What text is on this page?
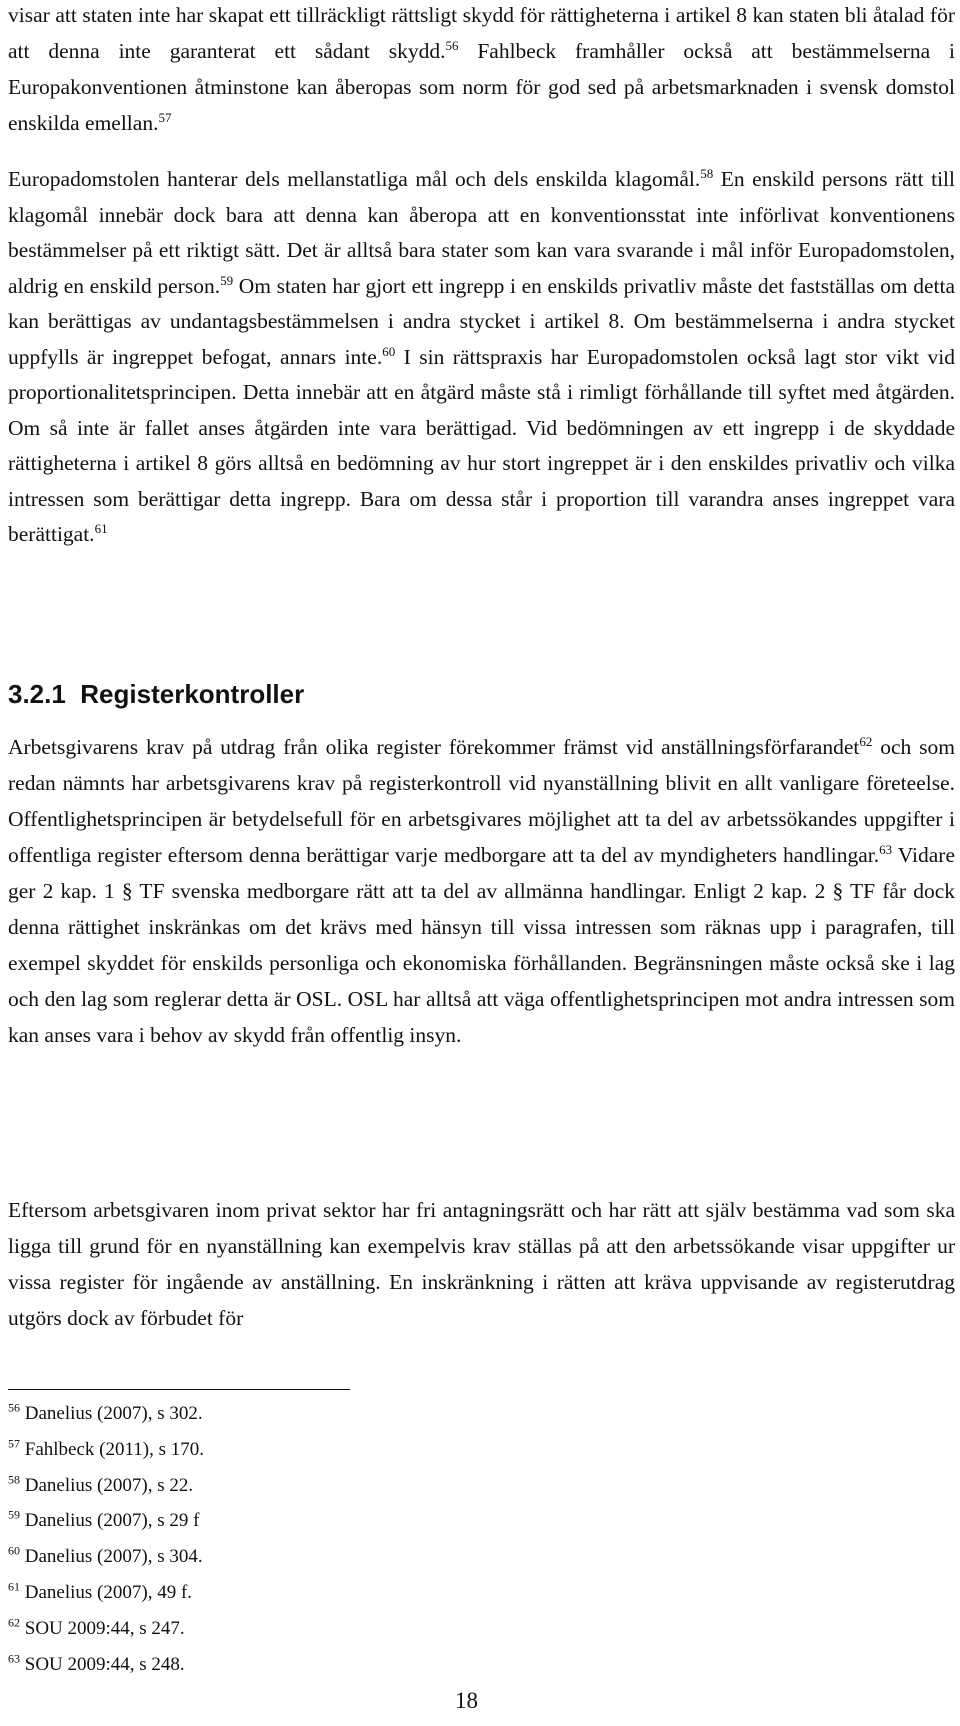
visar att staten inte har skapat ett tillräckligt rättsligt skydd för rättigheterna i artikel 8 kan staten bli åtalad för att denna inte garanterat ett sådant skydd.$^{56}$ Fahlbeck framhåller också att bestämmelserna i Europakonventionen åtminstone kan åberopas som norm för god sed på arbetsmarknaden i svensk domstol enskilda emellan.$^{57}$

Europadomstolen hanterar dels mellanstatliga mål och dels enskilda klagomål.$^{58}$ En enskild persons rätt till klagomål innebär dock bara att denna kan åberopa att en konventionsstat inte införlivat konventionens bestämmelser på ett riktigt sätt. Det är alltså bara stater som kan vara svarande i mål inför Europadomstolen, aldrig en enskild person.$^{59}$ Om staten har gjort ett ingrepp i en enskilds privatliv måste det fastställas om detta kan berättigas av undantagsbestämmelsen i andra stycket i artikel 8. Om bestämmelserna i andra stycket uppfylls är ingreppet befogat, annars inte.$^{60}$ I sin rättspraxis har Europadomstolen också lagt stor vikt vid proportionalitetsprincipen. Detta innebär att en åtgärd måste stå i rimligt förhållande till syftet med åtgärden. Om så inte är fallet anses åtgärden inte vara berättigad. Vid bedömningen av ett ingrepp i de skyddade rättigheterna i artikel 8 görs alltså en bedömning av hur stort ingreppet är i den enskildes privatliv och vilka intressen som berättigar detta ingrepp. Bara om dessa står i proportion till varandra anses ingreppet vara berättigat.$^{61}$

3.2.1  Registerkontroller

Arbetsgivarens krav på utdrag från olika register förekommer främst vid anställningsförfarandet$^{62}$ och som redan nämnts har arbetsgivarens krav på registerkontroll vid nyanställning blivit en allt vanligare företeelse. Offentlighetsprincipen är betydelsefull för en arbetsgivares möjlighet att ta del av arbetssökandes uppgifter i offentliga register eftersom denna berättigar varje medborgare att ta del av myndigheters handlingar.$^{63}$ Vidare ger 2 kap. 1 § TF svenska medborgare rätt att ta del av allmänna handlingar. Enligt 2 kap. 2 § TF får dock denna rättighet inskränkas om det krävs med hänsyn till vissa intressen som räknas upp i paragrafen, till exempel skyddet för enskilds personliga och ekonomiska förhållanden. Begränsningen måste också ske i lag och den lag som reglerar detta är OSL. OSL har alltså att väga offentlighetsprincipen mot andra intressen som kan anses vara i behov av skydd från offentlig insyn.

Eftersom arbetsgivaren inom privat sektor har fri antagningsrätt och har rätt att själv bestämma vad som ska ligga till grund för en nyanställning kan exempelvis krav ställas på att den arbetssökande visar uppgifter ur vissa register för ingående av anställning. En inskränkning i rätten att kräva uppvisande av registerutdrag utgörs dock av förbudet för

$^{56}$ Danelius (2007), s 302.

$^{57}$ Fahlbeck (2011), s 170.

$^{58}$ Danelius (2007), s 22.

$^{59}$ Danelius (2007), s 29 f

$^{60}$ Danelius (2007), s 304.

$^{61}$ Danelius (2007), 49 f.

$^{62}$ SOU 2009:44, s 247.

$^{63}$ SOU 2009:44, s 248.

18
